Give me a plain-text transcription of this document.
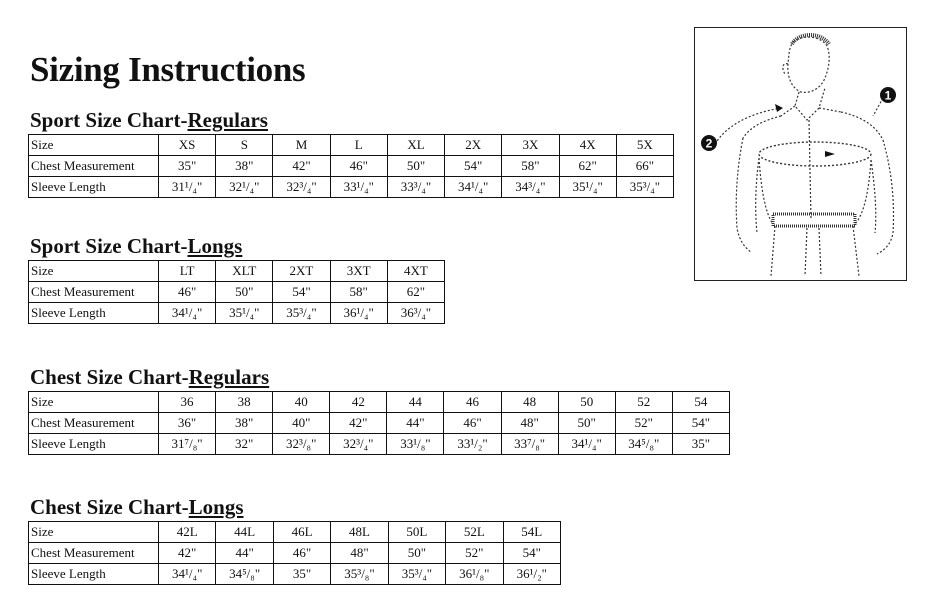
Sizing Instructions
1
2
Sport Size Chart-Regulars
Size	XS	S	M	L	XL	2X	3X	4X	5X
Chest Measurement	35"	38"	42"	46"	50"	54"	58"	62"	66"
Sleeve Length	31¹/₄"	32¹/₄"	32³/₄"	33¹/₄"	33³/₄"	34¹/₄"	34³/₄"	35¹/₄"	35³/₄"
Sport Size Chart-Longs
Size	LT	XLT	2XT	3XT	4XT
Chest Measurement	46"	50"	54"	58"	62"
Sleeve Length	34¹/₄"	35¹/₄"	35³/₄"	36¹/₄"	36³/₄"
Chest Size Chart-Regulars
Size	36	38	40	42	44	46	48	50	52	54
Chest Measurement	36"	38"	40"	42"	44"	46"	48"	50"	52"	54"
Sleeve Length	31⁷/₈"	32"	32³/₈"	32³/₄"	33¹/₈"	33¹/₂"	33⁷/₈"	34¹/₄"	34⁵/₈"	35"
Chest Size Chart-Longs
Size	42L	44L	46L	48L	50L	52L	54L
Chest Measurement	42"	44"	46"	48"	50"	52"	54"
Sleeve Length	34¹/₄"	34⁵/₈"	35"	35³/₈"	35³/₄"	36¹/₈"	36¹/₂"
